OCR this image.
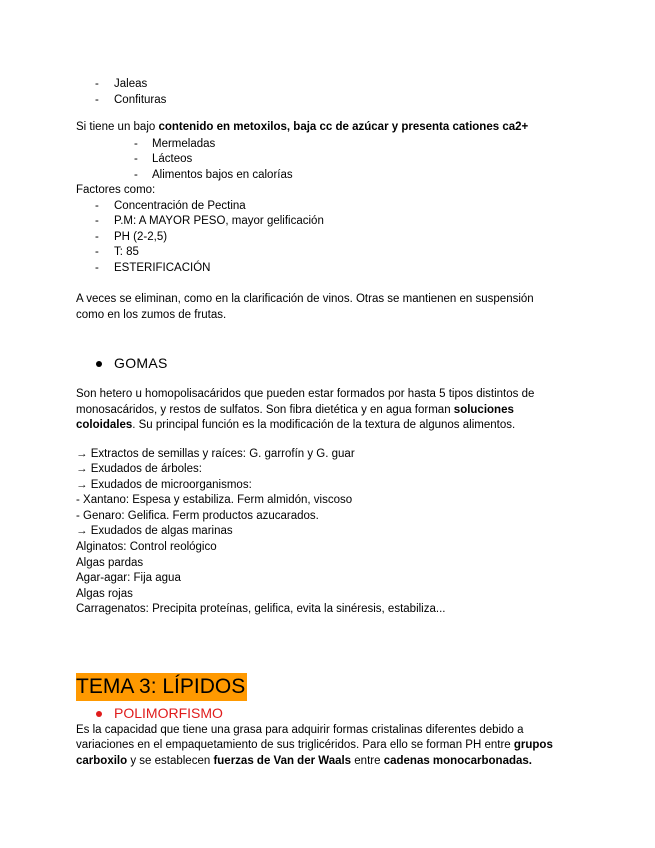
- Jaleas
- Confituras
Si tiene un bajo contenido en metoxilos, baja cc de azúcar y presenta cationes ca2+
- Mermeladas
- Lácteos
- Alimentos bajos en calorías
Factores como:
- Concentración de Pectina
- P.M: A MAYOR PESO, mayor gelificación
- PH (2-2,5)
- T: 85
- ESTERIFICACIÓN
A veces se eliminan, como en la clarificación de vinos. Otras se mantienen en suspensión
como en los zumos de frutas.
GOMAS
Son hetero u homopolisacáridos que pueden estar formados por hasta 5 tipos distintos de
monosacáridos, y restos de sulfatos. Son fibra dietética y en agua forman soluciones
coloidales. Su principal función es la modificación de la textura de algunos alimentos.
→ Extractos de semillas y raíces: G. garrofín y G. guar
→ Exudados de árboles:
→ Exudados de microorganismos:
- Xantano: Espesa y estabiliza. Ferm almidón, viscoso
- Genaro: Gelifica. Ferm productos azucarados.
→ Exudados de algas marinas
Alginatos: Control reológico
Algas pardas
Agar-agar: Fija agua
Algas rojas
Carragenatos: Precipita proteínas, gelifica, evita la sinéresis, estabiliza...
TEMA 3: LÍPIDOS
POLIMORFISMO
Es la capacidad que tiene una grasa para adquirir formas cristalinas diferentes debido a
variaciones en el empaquetamiento de sus triglicéridos. Para ello se forman PH entre grupos
carboxilo y se establecen fuerzas de Van der Waals entre cadenas monocarbonadas.
